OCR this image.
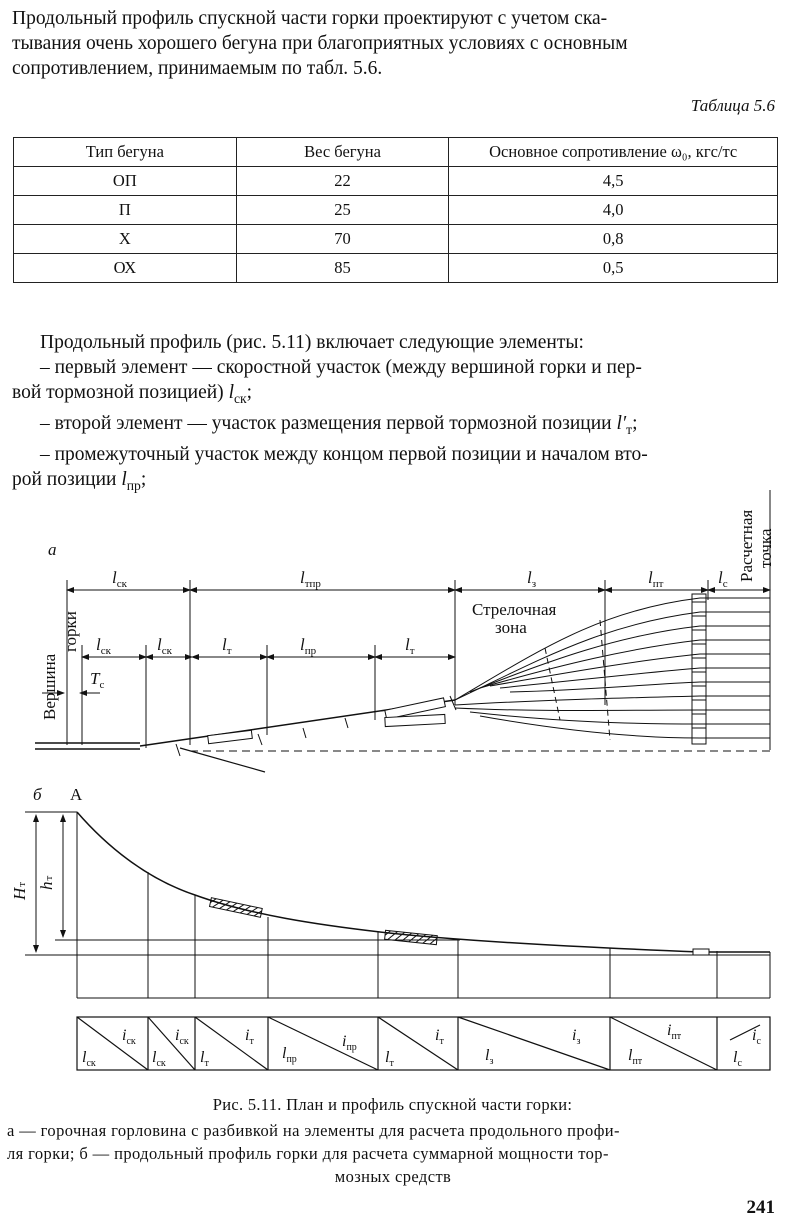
Продольный профиль спускной части горки проектируют с учетом ска-
тывания очень хорошего бегуна при благоприятных условиях с основным
сопротивлением, принимаемым по табл. 5.6.

Таблица 5.6
Тип бегуна	Вес бегуна	Основное сопротивление ω₀, кгс/тс
ОП	22	4,5
П	25	4,0
Х	70	0,8
ОХ	85	0,5

Продольный профиль (рис. 5.11) включает следующие элементы:
– первый элемент — скоростной участок (между вершиной горки и пер-
вой тормозной позицией) $l_{ск}$;
– второй элемент — участок размещения первой тормозной позиции $l'_т$;
– промежуточный участок между концом первой позиции и началом вто-
рой позиции $l_{пр}$;

а
$l_{ск}$	$l_{тпр}$	$l_з$	$l_{пт}$	$l_с$
$l_{ск}$	$l_{ск}$	$l_т$	$l_{пр}$	$l_т$
$T_с$
Стрелочная
зона
Вершина
горки
Расчетная точка
б A
Hт hт
$i_{ск}$
$l_{ск}$
$i_{ск}$
$l_{ск}$
$i_т$
$l_т$
$i_{пр}$
$l_{пр}$
$i_т$
$l_т$
$i_з$
$l_з$
$i_{пт}$
$l_{пт}$
$i_с$
$l_с$
Рис. 5.11. План и профиль спускной части горки:
а — горочная горловина с разбивкой на элементы для расчета продольного профи-
ля горки; б — продольный профиль горки для расчета суммарной мощности тор-
мозных средств
241
